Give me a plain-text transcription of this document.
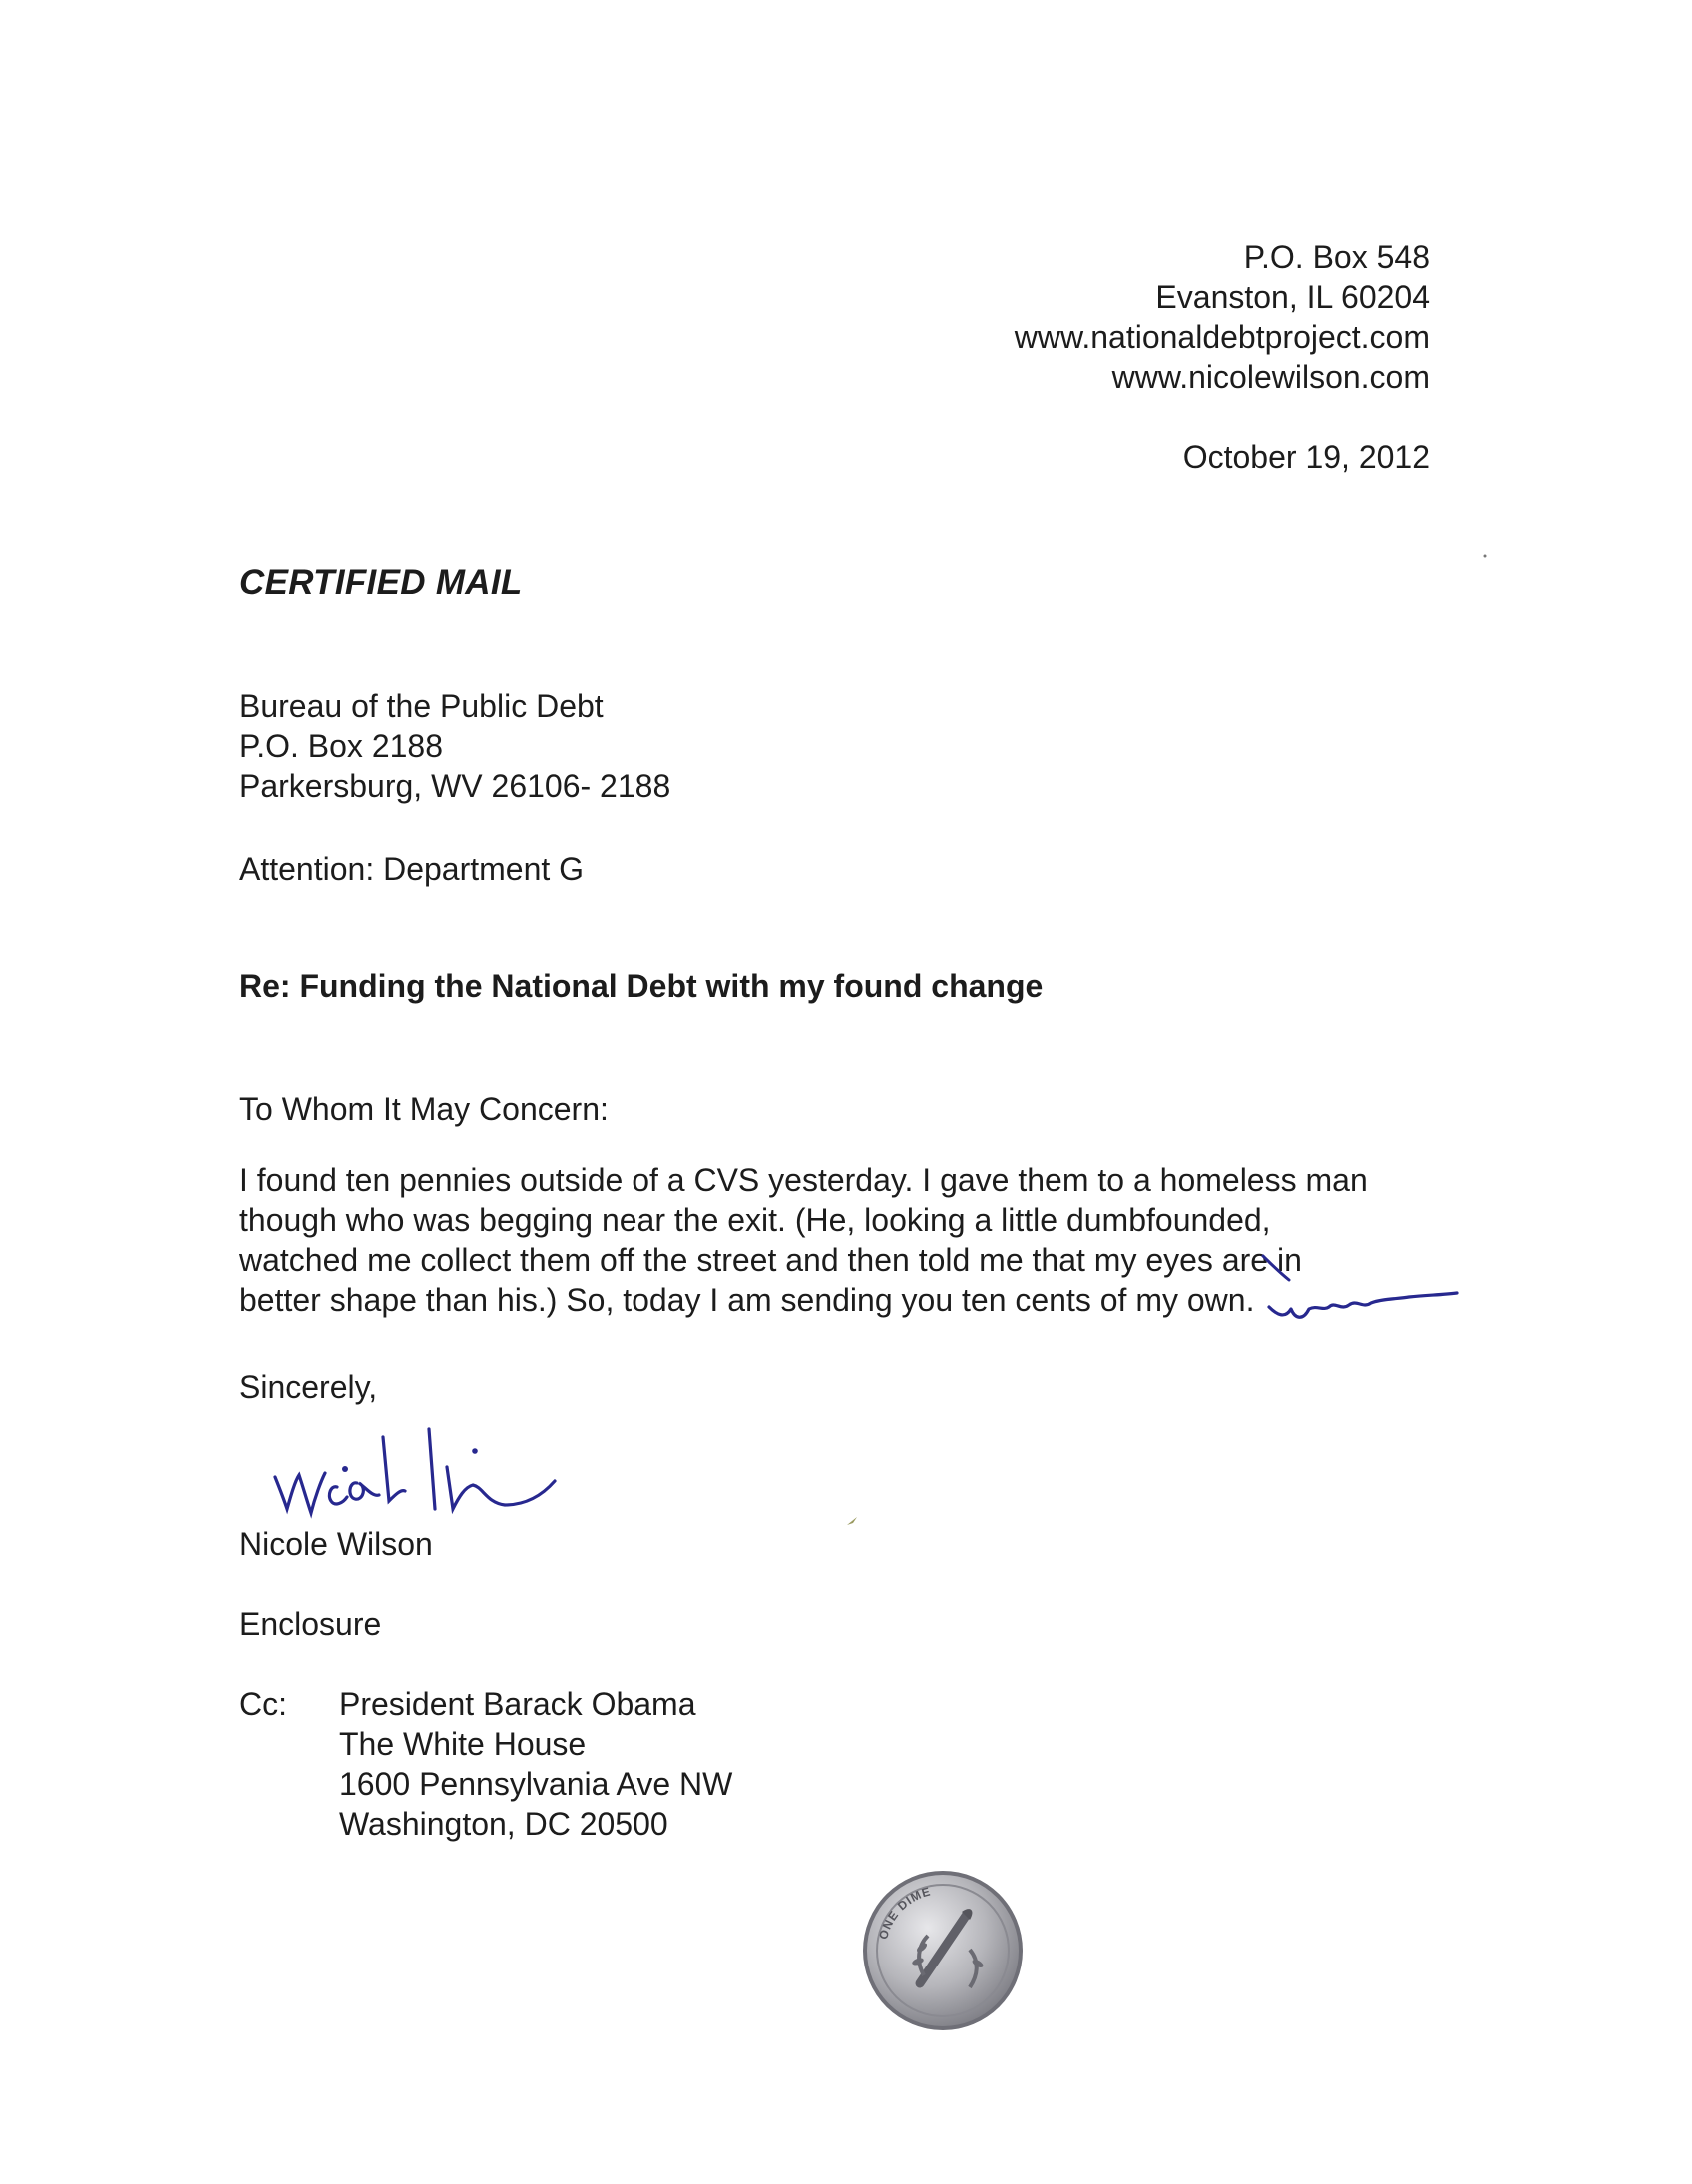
P.O. Box 548
Evanston, IL 60204
www.nationaldebtproject.com
www.nicolewilson.com
October 19, 2012
CERTIFIED MAIL
Bureau of the Public Debt
P.O. Box 2188
Parkersburg, WV 26106- 2188
Attention: Department G
Re: Funding the National Debt with my found change
To Whom It May Concern:
I found ten pennies outside of a CVS yesterday. I gave them to a homeless man
though who was begging near the exit. (He, looking a little dumbfounded,
watched me collect them off the street and then told me that my eyes are in
better shape than his.) So, today I am sending you ten cents of my own.
Sincerely,
Nicole Wilson
Enclosure
Cc: President Barack Obama
The White House
1600 Pennsylvania Ave NW
Washington, DC 20500
ONE DIME
